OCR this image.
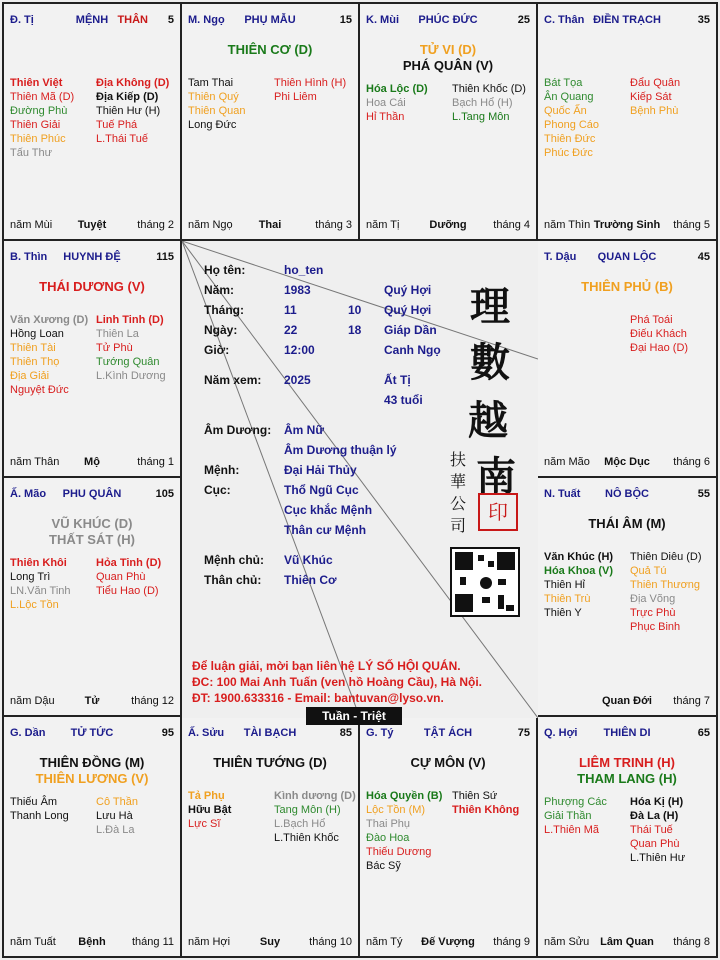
Đ. Tị	MỆNH THÂN 5
Thiên Việt
Thiên Mã (D)
Đường Phù
Thiên Giải
Thiên Phúc
Tấu Thư
Địa Không (D)
Địa Kiếp (D)
Thiên Hư (H)
Tuế Phá
L.Thái Tuế
năm Mùi	Tuyệt	tháng 2
M. Ngọ	PHỤ MẪU	15
THIÊN CƠ (D)
Tam Thai
Thiên Quý
Thiên Quan
Long Đức
Thiên Hình (H)
Phi Liêm
năm Ngọ	Thai	tháng 3
K. Mùi	PHÚC ĐỨC	25
TỬ VI (D)
PHÁ QUÂN (V)
Hóa Lộc (D)
Hoa Cái
Hỉ Thần
Thiên Khốc (D)
Bạch Hổ (H)
L.Tang Môn
năm Tị	Dưỡng	tháng 4
C. Thân ĐIỀN TRẠCH	35
Bát Tọa
Ân Quang
Quốc Ấn
Phong Cáo
Thiên Đức
Phúc Đức
Đẩu Quân
Kiếp Sát
Bệnh Phù
năm Thìn Trường Sinh	tháng 5
B. Thìn	HUYNH ĐỆ	115
THÁI DƯƠNG (V)
Văn Xương (D)
Hồng Loan
Thiên Tài
Thiên Thọ
Địa Giải
Nguyệt Đức
Linh Tinh (D)
Thiên La
Tử Phù
Tướng Quân
L.Kình Dương
năm Thân	Mộ	tháng 1
T. Dậu	QUAN LỘC	45
THIÊN PHỦ (B)
Phá Toái
Điếu Khách
Đại Hao (D)
năm Mão	Mộc Dục	tháng 6
Ấ. Mão	PHU QUÂN	105
VŨ KHÚC (D)
THẤT SÁT (H)
Thiên Khôi
Long Trì
LN.Văn Tinh
L.Lộc Tồn
Hỏa Tinh (D)
Quan Phù
Tiểu Hao (D)
năm Dậu	Tử	tháng 12
N. Tuất	NÔ BỘC	55
THÁI ÂM (M)
Văn Khúc (H)
Hóa Khoa (V)
Thiên Hỉ
Thiên Trù
Thiên Y
Thiên Diêu (D)
Quả Tú
Thiên Thương
Địa Võng
Trực Phù
Phục Binh
Quan Đới	tháng 7
G. Dần	TỬ TỨC	95
THIÊN ĐỒNG (M)
THIÊN LƯƠNG (V)
Thiếu Âm
Thanh Long
Cô Thần
Lưu Hà
L.Đà La
năm Tuất	Bệnh	tháng 11
Ấ. Sửu	TÀI BẠCH	85
THIÊN TƯỚNG (D)
Tả Phụ
Hữu Bật
Lực Sĩ
Kình dương (D)
Tang Môn (H)
L.Bạch Hổ
L.Thiên Khốc
năm Hợi	Suy	tháng 10
G. Tý	TẬT ÁCH	75
CỰ MÔN (V)
Hóa Quyền (B)
Lộc Tồn (M)
Thai Phụ
Đào Hoa
Thiếu Dương
Bác Sỹ
Thiên Sứ
Thiên Không
năm Tý	Đế Vượng	tháng 9
Q. Hợi	THIÊN DI	65
LIÊM TRINH (H)
THAM LANG (H)
Phượng Các
Giải Thần
L.Thiên Mã
Hóa Kị (H)
Đà La (H)
Thái Tuế
Quan Phù
L.Thiên Hư
năm Sửu Lâm Quan	tháng 8
Họ tên:	ho_ten
Năm:	1983	Quý Hợi
Tháng:	11	10 Quý Hợi
Ngày:	22	18 Giáp Dần
Giờ:	12:00	Canh Ngọ
Năm xem: 2025	Ất Tị
43 tuổi
Âm Dương: Âm Nữ
Âm Dương thuận lý
Mệnh:	Đại Hải Thủy
Cục:	Thổ Ngũ Cục
Cục khắc Mệnh
Thân cư Mệnh
Mệnh chủ: Vũ Khúc
Thân chủ: Thiên Cơ
理
數
越
南
印
扶
華
公
司
Để luận giải, mời bạn liên hệ LÝ SỐ HỘI QUÁN.
ĐC: 100 Mai Anh Tuấn (ven hồ Hoàng Cầu), Hà Nội.
ĐT: 1900.633316 - Email: bantuvan@lyso.vn.
Tuần - Triệt
